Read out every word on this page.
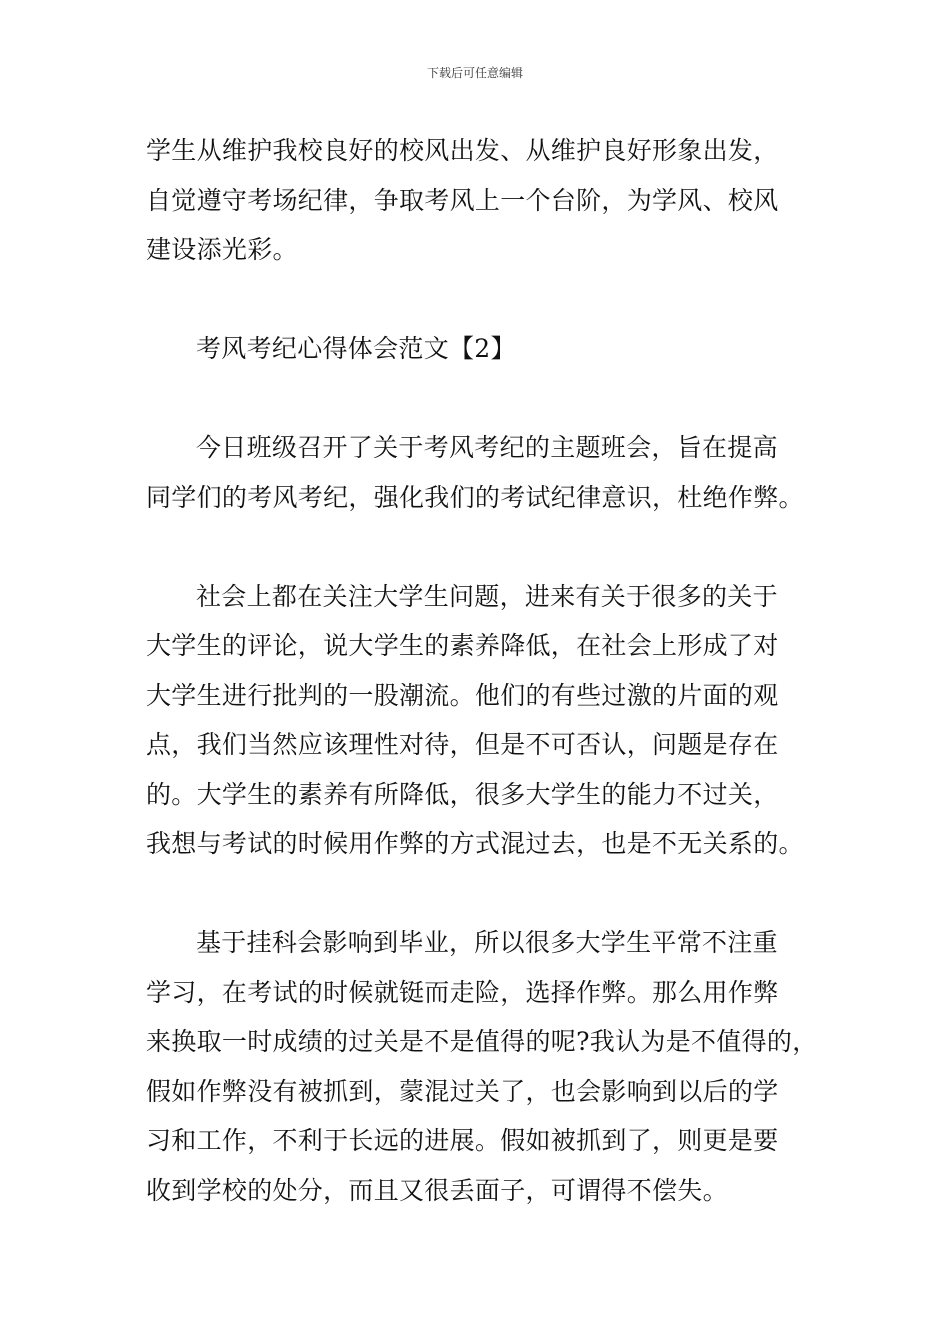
下载后可任意编辑
学生从维护我校良好的校风出发、从维护良好形象出发，
自觉遵守考场纪律，争取考风上一个台阶，为学风、校风
建设添光彩。
考风考纪心得体会范文【2】
今日班级召开了关于考风考纪的主题班会，旨在提高
同学们的考风考纪，强化我们的考试纪律意识，杜绝作弊。
社会上都在关注大学生问题，进来有关于很多的关于
大学生的评论，说大学生的素养降低，在社会上形成了对
大学生进行批判的一股潮流。他们的有些过激的片面的观
点，我们当然应该理性对待，但是不可否认，问题是存在
的。大学生的素养有所降低，很多大学生的能力不过关，
我想与考试的时候用作弊的方式混过去，也是不无关系的。
基于挂科会影响到毕业，所以很多大学生平常不注重
学习，在考试的时候就铤而走险，选择作弊。那么用作弊
来换取一时成绩的过关是不是值得的呢?我认为是不值得的，
假如作弊没有被抓到，蒙混过关了，也会影响到以后的学
习和工作，不利于长远的进展。假如被抓到了，则更是要
收到学校的处分，而且又很丢面子，可谓得不偿失。
